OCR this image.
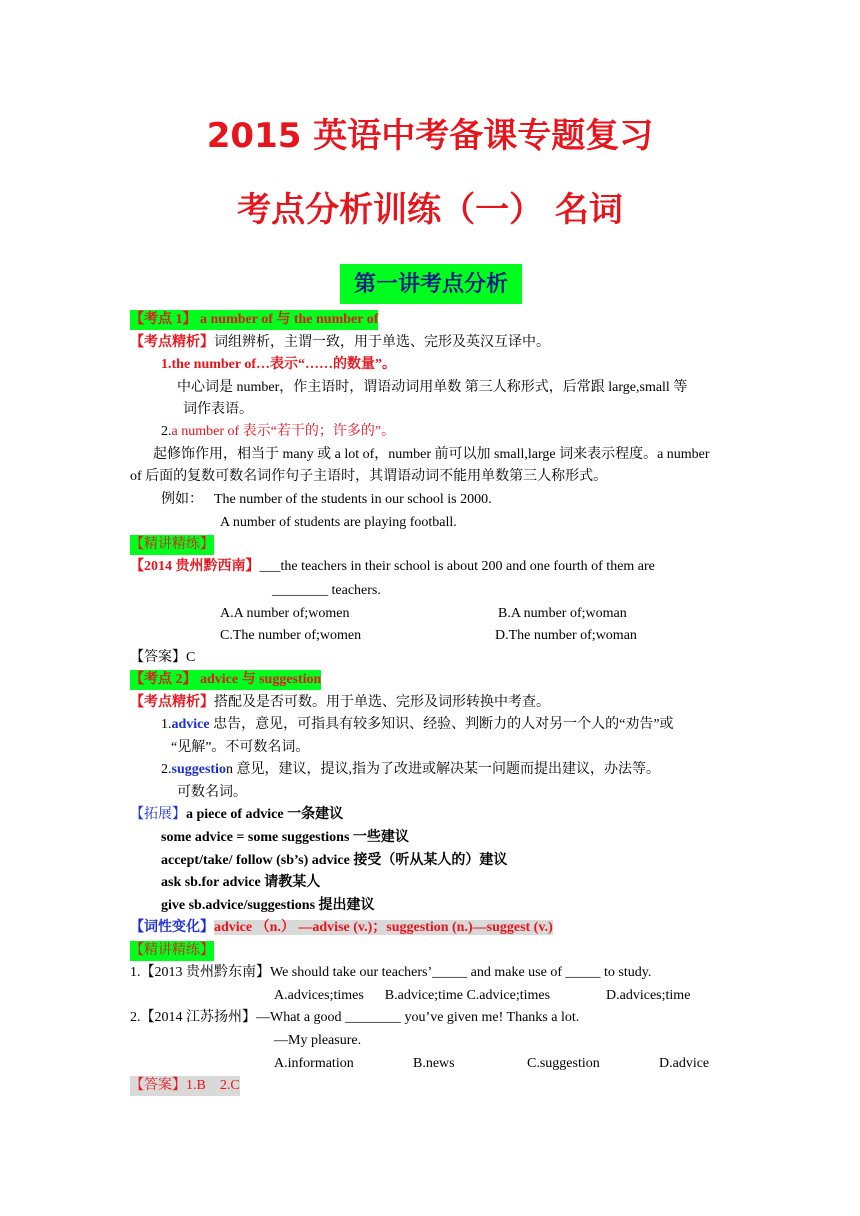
2015 英语中考备课专题复习
考点分析训练（一） 名词
第一讲考点分析
【考点 1】 a number of 与 the number of
【考点精析】词组辨析，主谓一致，用于单选、完形及英汉互译中。
1.the number of…表示“……的数量”。
中心词是 number，作主语时，谓语动词用单数 第三人称形式，后常跟 large,small 等
词作表语。
2.a number of 表示“若干的；许多的”。
起修饰作用，相当于 many 或 a lot of，number 前可以加 small,large 词来表示程度。a number
of 后面的复数可数名词作句子主语时，其谓语动词不能用单数第三人称形式。
例如： The number of the students in our school is 2000.
A number of students are playing football.
【精讲精练】
【2014 贵州黔西南】___the teachers in their school is about 200 and one fourth of them are
________ teachers.
A.A number of;women	B.A number of;woman
C.The number of;women	D.The number of;woman
【答案】C
【考点 2】 advice 与 suggestion
【考点精析】搭配及是否可数。用于单选、完形及词形转换中考查。
1.advice 忠告，意见，可指具有较多知识、经验、判断力的人对另一个人的“劝告”或
“见解”。不可数名词。
2.suggestion 意见，建议，提议,指为了改进或解决某一问题而提出建议，办法等。
可数名词。
【拓展】a piece of advice 一条建议
some advice = some suggestions 一些建议
accept/take/ follow (sb’s) advice 接受（听从某人的）建议
ask sb.for advice 请教某人
give sb.advice/suggestions 提出建议
【词性变化】advice （n.） —advise (v.)；suggestion (n.)—suggest (v.)
【精讲精练】
1.【2013 贵州黔东南】We should take our teachers’_____ and make use of _____ to study.
A.advices;times      B.advice;time C.advice;times                D.advices;time
2.【2014 江苏扬州】—What a good ________ you’ve given me! Thanks a lot.
—My pleasure.
A.information	B.news	C.suggestion	D.advice
【答案】1.B    2.C
